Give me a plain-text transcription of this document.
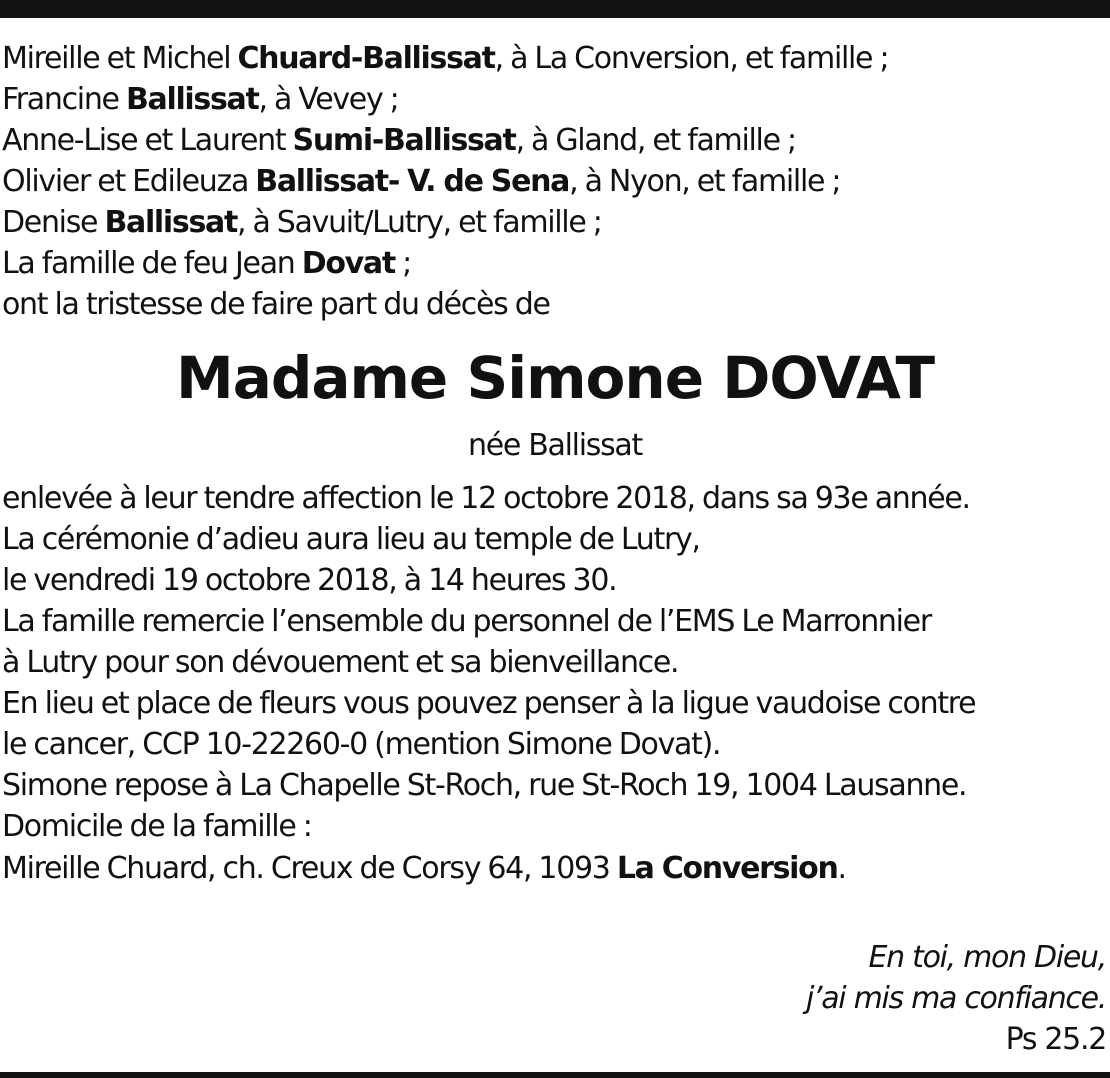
Mireille et Michel Chuard-Ballissat, à La Conversion, et famille ;
Francine Ballissat, à Vevey ;
Anne-Lise et Laurent Sumi-Ballissat, à Gland, et famille ;
Olivier et Edileuza Ballissat- V. de Sena, à Nyon, et famille ;
Denise Ballissat, à Savuit/Lutry, et famille ;
La famille de feu Jean Dovat ;
ont la tristesse de faire part du décès de
Madame Simone DOVAT
née Ballissat
enlevée à leur tendre affection le 12 octobre 2018, dans sa 93e année.
La cérémonie d’adieu aura lieu au temple de Lutry,
le vendredi 19 octobre 2018, à 14 heures 30.
La famille remercie l’ensemble du personnel de l’EMS Le Marronnier
à Lutry pour son dévouement et sa bienveillance.
En lieu et place de fleurs vous pouvez penser à la ligue vaudoise contre
le cancer, CCP 10-22260-0 (mention Simone Dovat).
Simone repose à La Chapelle St-Roch, rue St-Roch 19, 1004 Lausanne.
Domicile de la famille :
Mireille Chuard, ch. Creux de Corsy 64, 1093 La Conversion.
En toi, mon Dieu,
j’ai mis ma confiance.
Ps 25.2
